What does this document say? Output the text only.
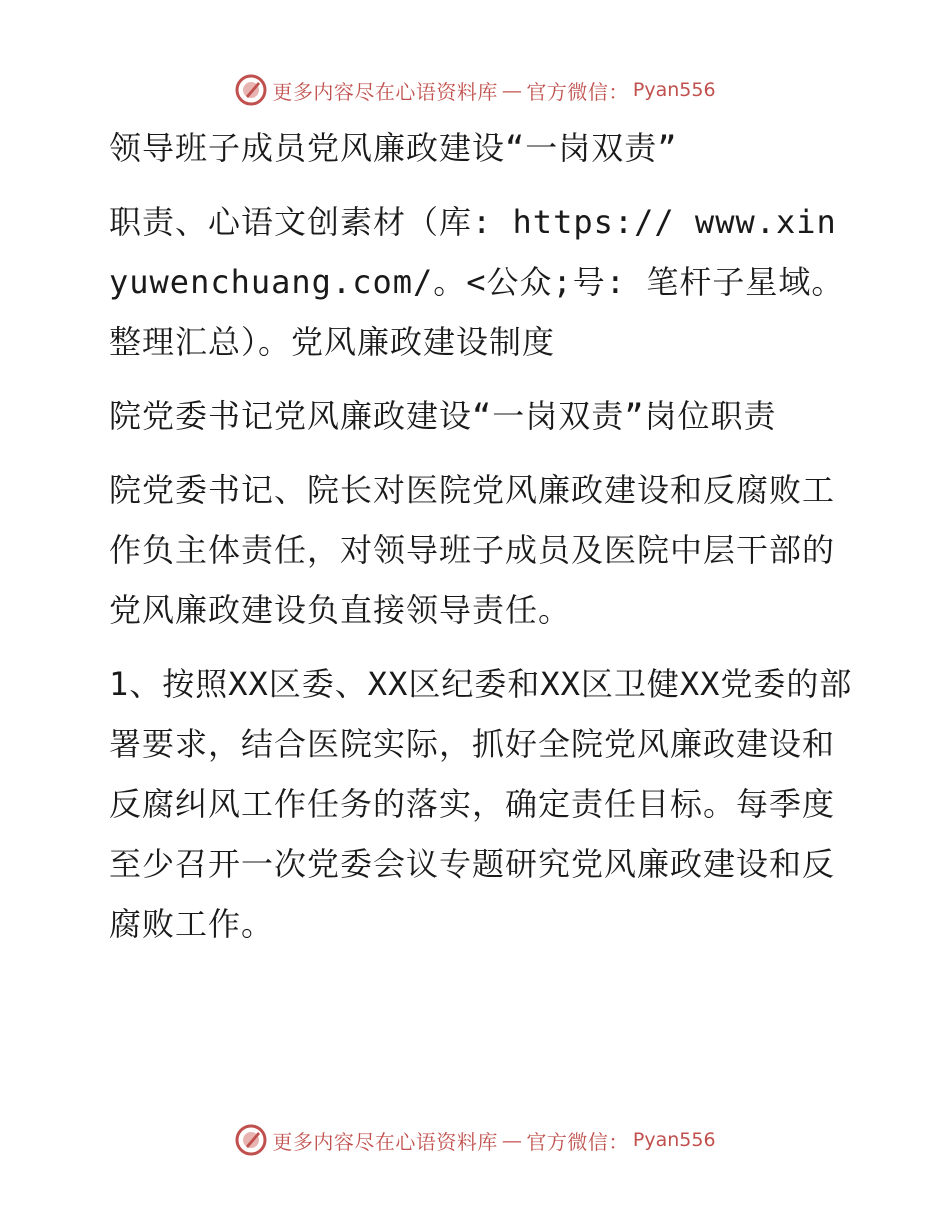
更多内容尽在心语资料库 — 官方微信： Pyan556

领导班子成员党风廉政建设“一岗双责”

职责、心语文创素材（库: https:// www.xinyuwenchuang.com/。<公众;号: 笔杆子星域。整理汇总）。党风廉政建设制度

院党委书记党风廉政建设“一岗双责”岗位职责

院党委书记、院长对医院党风廉政建设和反腐败工作负主体责任，对领导班子成员及医院中层干部的党风廉政建设负直接领导责任。

1、按照XX区委、XX区纪委和XX区卫健XX党委的部署要求，结合医院实际，抓好全院党风廉政建设和反腐纠风工作任务的落实，确定责任目标。每季度至少召开一次党委会议专题研究党风廉政建设和反腐败工作。

更多内容尽在心语资料库 — 官方微信： Pyan556
